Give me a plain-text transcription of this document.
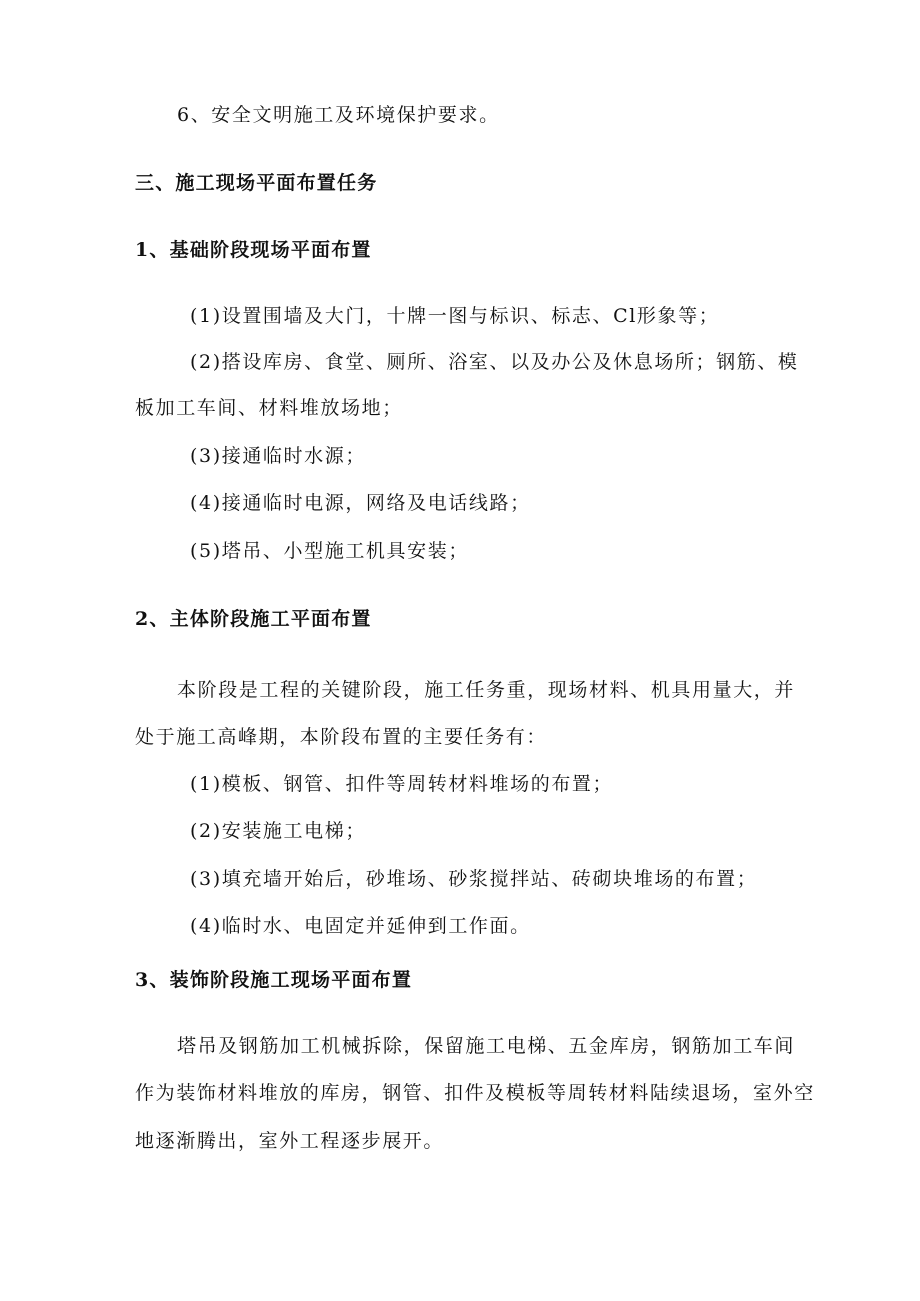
6、安全文明施工及环境保护要求。
三、施工现场平面布置任务
1、基础阶段现场平面布置
(1)设置围墙及大门，十牌一图与标识、标志、Cl形象等；
(2)搭设库房、食堂、厕所、浴室、以及办公及休息场所；钢筋、模
板加工车间、材料堆放场地；
(3)接通临时水源；
(4)接通临时电源，网络及电话线路；
(5)塔吊、小型施工机具安装；
2、主体阶段施工平面布置
本阶段是工程的关键阶段，施工任务重，现场材料、机具用量大，并
处于施工高峰期，本阶段布置的主要任务有：
(1)模板、钢管、扣件等周转材料堆场的布置；
(2)安装施工电梯；
(3)填充墙开始后，砂堆场、砂浆搅拌站、砖砌块堆场的布置；
(4)临时水、电固定并延伸到工作面。
3、装饰阶段施工现场平面布置
塔吊及钢筋加工机械拆除，保留施工电梯、五金库房，钢筋加工车间
作为装饰材料堆放的库房，钢管、扣件及模板等周转材料陆续退场，室外空
地逐渐腾出，室外工程逐步展开。
